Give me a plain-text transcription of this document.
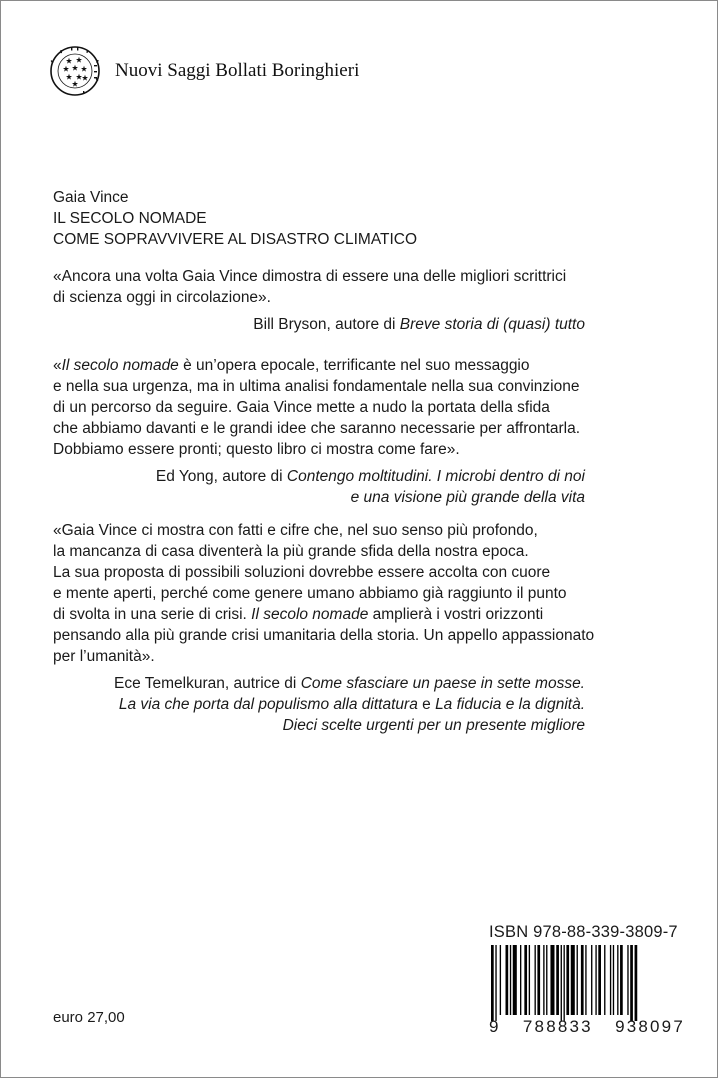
Nuovi Saggi Bollati Boringhieri
Gaia Vince
IL SECOLO NOMADE
COME SOPRAVVIVERE AL DISASTRO CLIMATICO

«Ancora una volta Gaia Vince dimostra di essere una delle migliori scrittrici
di scienza oggi in circolazione».

Bill Bryson, autore di Breve storia di (quasi) tutto

«Il secolo nomade è un’opera epocale, terrificante nel suo messaggio
e nella sua urgenza, ma in ultima analisi fondamentale nella sua convinzione
di un percorso da seguire. Gaia Vince mette a nudo la portata della sfida
che abbiamo davanti e le grandi idee che saranno necessarie per affrontarla.
Dobbiamo essere pronti; questo libro ci mostra come fare».

Ed Yong, autore di Contengo moltitudini. I microbi dentro di noi
e una visione più grande della vita

«Gaia Vince ci mostra con fatti e cifre che, nel suo senso più profondo,
la mancanza di casa diventerà la più grande sfida della nostra epoca.
La sua proposta di possibili soluzioni dovrebbe essere accolta con cuore
e mente aperti, perché come genere umano abbiamo già raggiunto il punto
di svolta in una serie di crisi. Il secolo nomade amplierà i vostri orizzonti
pensando alla più grande crisi umanitaria della storia. Un appello appassionato
per l’umanità».

Ece Temelkuran, autrice di Come sfasciare un paese in sette mosse.
La via che porta dal populismo alla dittatura e La fiducia e la dignità.
Dieci scelte urgenti per un presente migliore
ISBN 978-88-339-3809-7
9 788833 938097
euro 27,00
